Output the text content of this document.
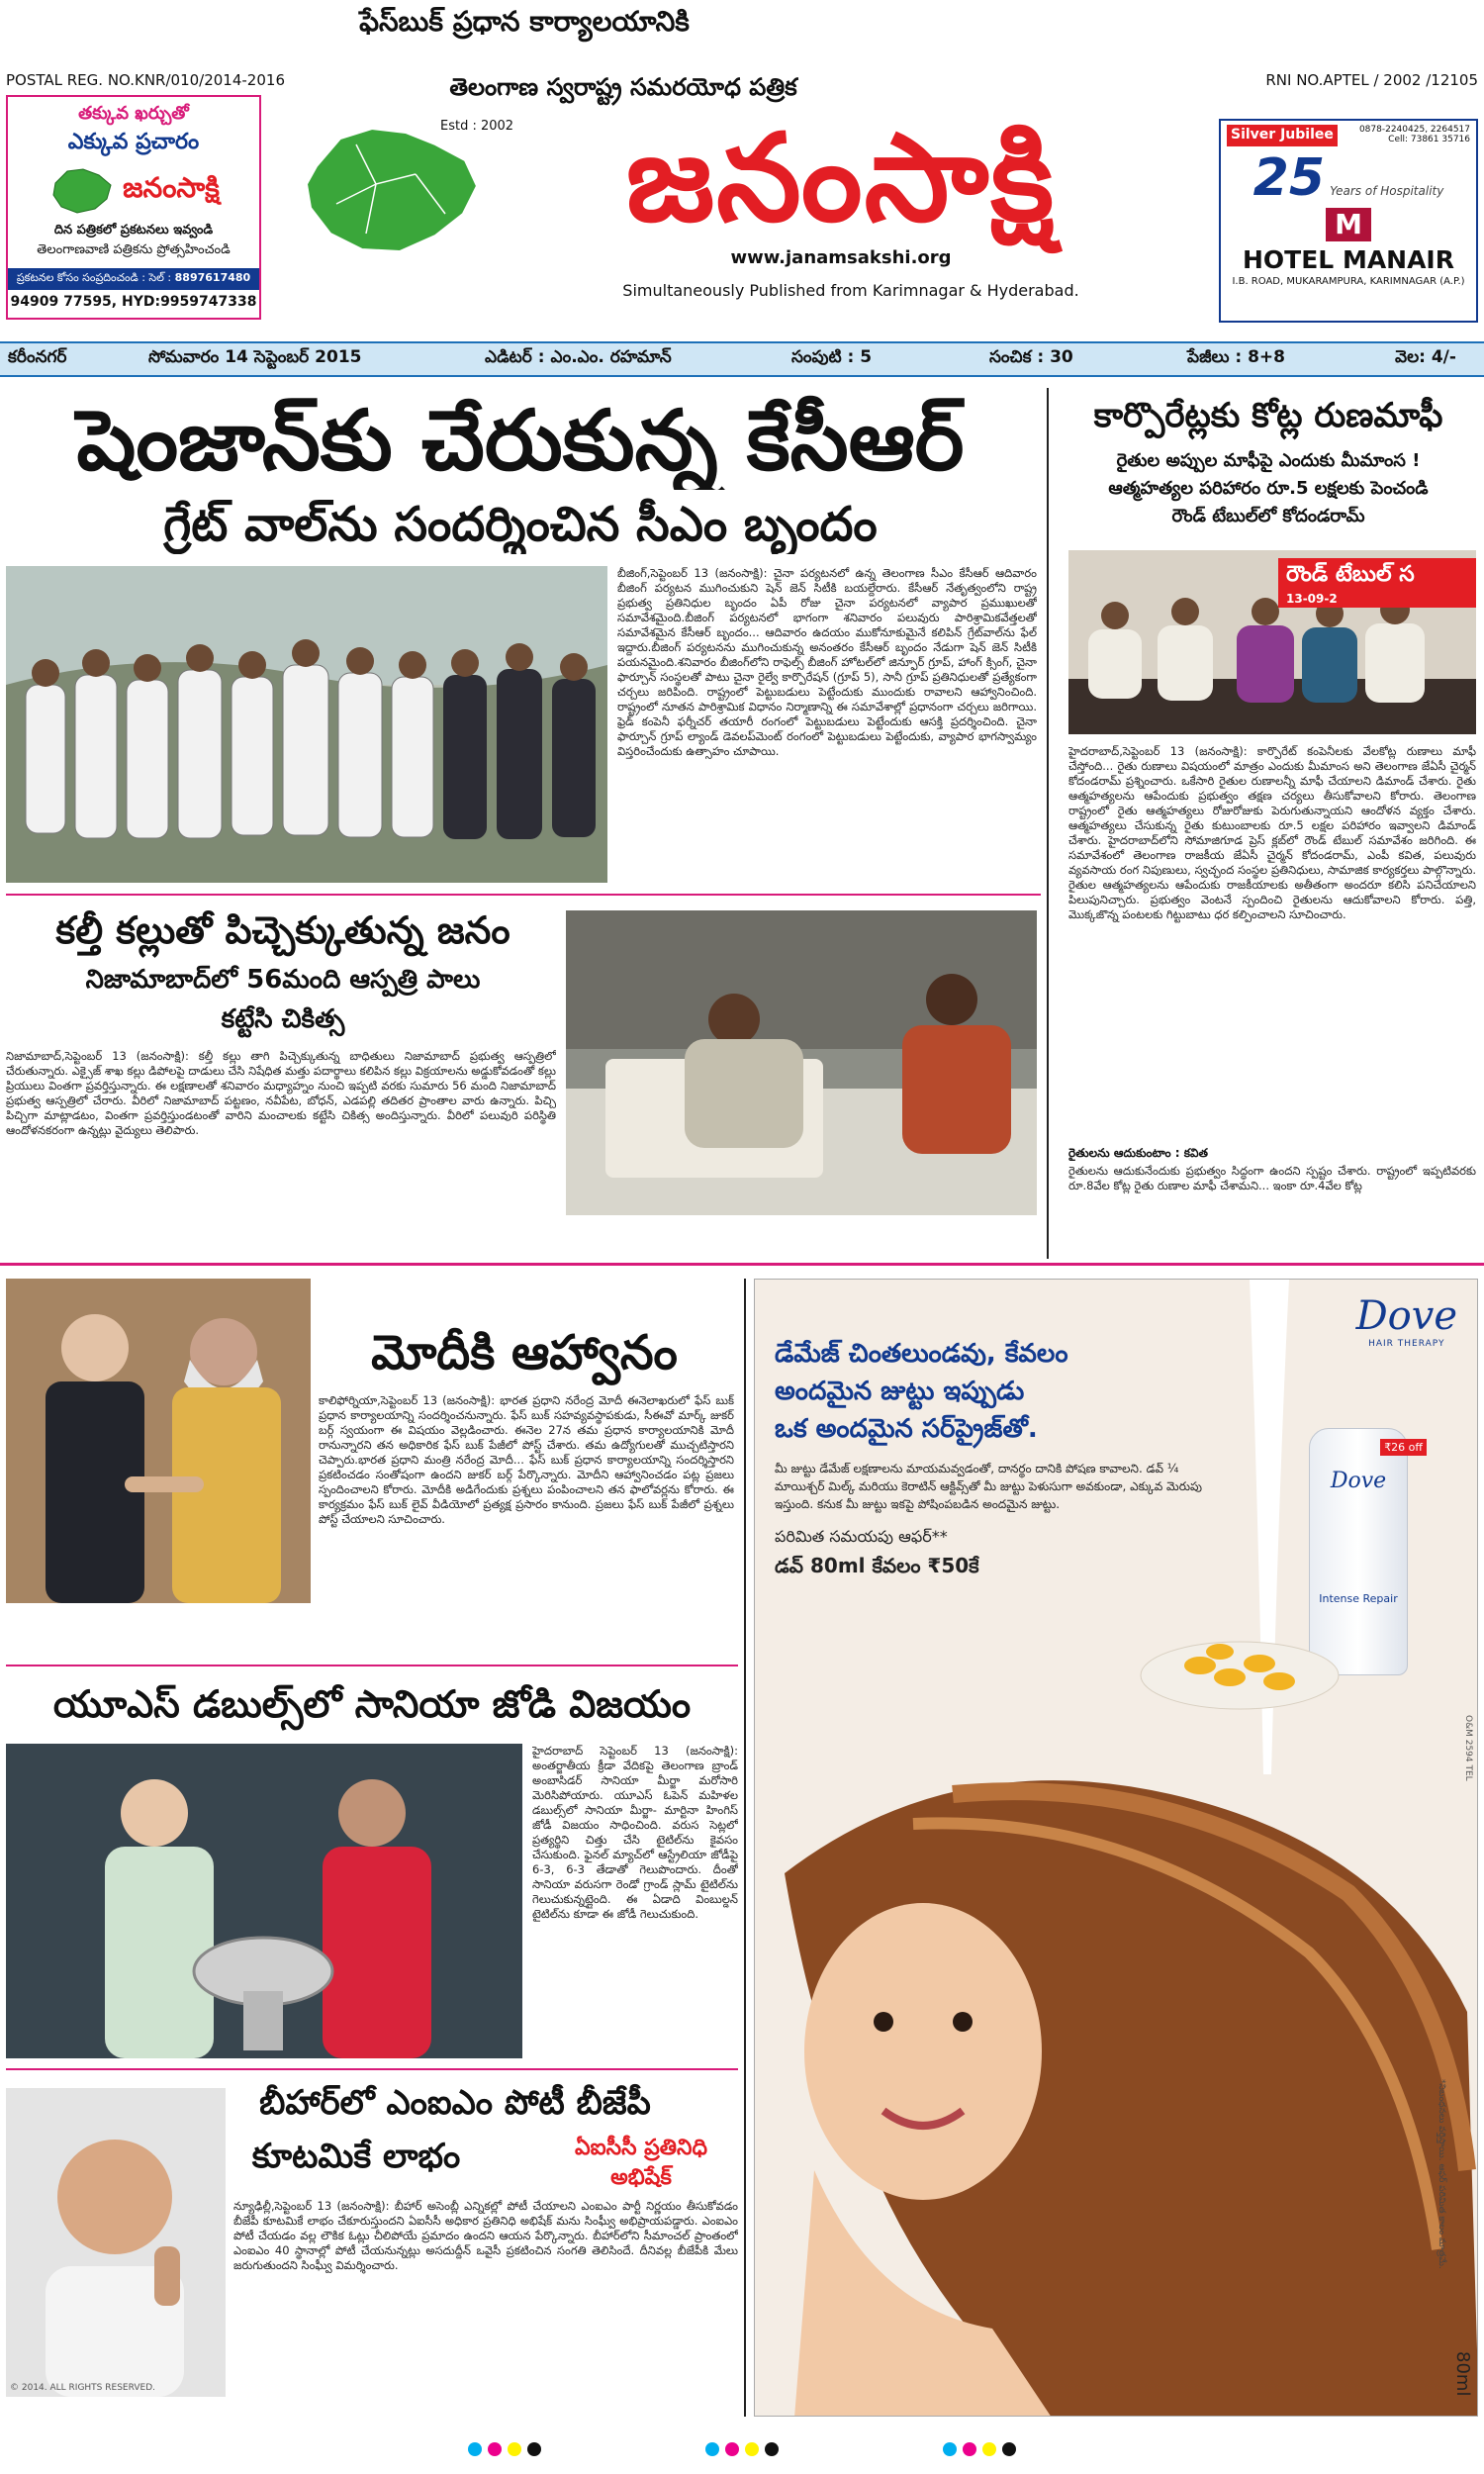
POSTAL REG. NO.KNR/010/2014-2016	RNI NO.APTEL / 2002 /12105
తక్కువ ఖర్చుతో
ఎక్కువ ప్రచారం
జనంసాక్షి
దిన పత్రికలో ప్రకటనలు ఇవ్వండి
తెలంగాణవాణి పత్రికను ప్రోత్సహించండి
ప్రకటనల కోసం సంప్రదించండి : సెల్ : 8897617480
94909 77595, HYD:9959747338
తెలంగాణ స్వరాష్ట్ర సమరయోధ పత్రిక
Estd : 2002 జనంసాక్షి
www.janamsakshi.org
Simultaneously Published from Karimnagar & Hyderabad.
Silver Jubilee	0878-2240425, 2264517
Cell: 73861 35716
25 Years of Hospitality
M
HOTEL MANAIR
I.B. ROAD, MUKARAMPURA, KARIMNAGAR (A.P.)
కరీంనగర్	సోమవారం 14 సెప్టెంబర్ 2015	ఎడిటర్ : ఎం.ఎం. రహమాన్	సంపుటి : 5	సంచిక : 30	పేజీలు : 8+8	వెల: 4/-
షెంజాన్‌కు చేరుకున్న కేసీఆర్
గ్రేట్ వాల్‌ను సందర్శించిన సీఎం బృందం
బీజింగ్,సెప్టెంబర్ 13 (జనంసాక్షి): చైనా పర్యటనలో ఉన్న తెలంగాణ సీఎం కేసీఆర్ ఆదివారం బీజింగ్ పర్యటన ముగించుకుని షెన్ జెన్ సిటీకి బయల్దేరారు. కేసీఆర్ నేతృత్వంలోని రాష్ట్ర ప్రభుత్వ ప్రతినిధుల బృందం ఏపీ రోజు చైనా పర్యటనలో వ్యాపార ప్రముఖులతో సమావేశమైంది.బీజింగ్ పర్యటనలో భాగంగా శనివారం పలువురు పారిశ్రామికవేత్తలతో సమావేశమైన కేసీఆర్ బృందం... ఆదివారం ఉదయం ముకోనూకుమైనే కలిపిన్ గ్రేట్‌వాల్‌ను ఫేల్ ఇద్దారు.బీజింగ్ పర్యటనను ముగించుకున్న అనంతరం కేసీఆర్ బృందం నేడుగా షెన్ జెన్ సిటీకి పయనమైంది.శనివారం బీజింగ్‌లోని రాఫెల్స్ బీజింగ్ హోటల్‌లో జిన్ఫూర్ గ్రూప్, హాంగ్ క్సింగ్, చైనా ఫార్చూన్ సంస్థలతో పాటు చైనా రైల్వే కార్పొరేషన్ (గ్రూప్ 5), సానీ గ్రూప్ ప్రతినిధులతో ప్రత్యేకంగా చర్చలు జరిపింది. రాష్ట్రంలో పెట్టుబడులు పెట్టేందుకు ముందుకు రావాలని ఆహ్వానించింది. రాష్ట్రంలో నూతన పారిశ్రామిక విధానం నిర్మాణాన్ని ఈ సమావేశాల్లో ప్రధానంగా చర్చలు జరిగాయి. ఫ్రెడ్ కంపెనీ ఫర్నీచర్ తయారీ రంగంలో పెట్టుబడులు పెట్టేందుకు ఆసక్తి ప్రదర్శించింది. చైనా ఫార్చూన్ గ్రూప్ ల్యాండ్ డెవలప్‌మెంట్ రంగంలో పెట్టుబడులు పెట్టేందుకు, వ్యాపార భాగస్వామ్యం విస్తరించేందుకు ఉత్సాహం చూపాయి.
కార్పొరేట్లకు కోట్ల రుణమాఫీ
రైతుల అప్పుల మాఫీపై ఎందుకు మీమాంస !
ఆత్మహత్యల పరిహారం రూ.5 లక్షలకు పెంచండి
రౌండ్ టేబుల్‌లో కోదండరామ్
రౌండ్ టేబుల్ స
13-09-2
హైదరాబాద్,సెప్టెంబర్ 13 (జనంసాక్షి): కార్పొరేట్ కంపెనీలకు వేలకోట్ల రుణాలు మాఫీ చేస్తోంది... రైతు రుణాలు విషయంలో మాత్రం ఎందుకు మీమాంస అని తెలంగాణ జేఏసీ చైర్మన్ కోదండరామ్ ప్రశ్నించారు. ఒకేసారి రైతుల రుణాలన్నీ మాఫీ చేయాలని డిమాండ్ చేశారు. రైతు ఆత్మహత్యలను ఆపేందుకు ప్రభుత్వం తక్షణ చర్యలు తీసుకోవాలని కోరారు. తెలంగాణ రాష్ట్రంలో రైతు ఆత్మహత్యలు రోజురోజుకు పెరుగుతున్నాయని ఆందోళన వ్యక్తం చేశారు. ఆత్మహత్యలు చేసుకున్న రైతు కుటుంబాలకు రూ.5 లక్షల పరిహారం ఇవ్వాలని డిమాండ్ చేశారు. హైదరాబాద్‌లోని సోమాజిగూడ ప్రెస్ క్లబ్‌లో రౌండ్ టేబుల్ సమావేశం జరిగింది. ఈ సమావేశంలో తెలంగాణ రాజకీయ జేఏసీ చైర్మన్ కోదండరామ్, ఎంపీ కవిత, పలువురు వ్యవసాయ రంగ నిపుణులు, స్వచ్ఛంద సంస్థల ప్రతినిధులు, సామాజిక కార్యకర్తలు పాల్గొన్నారు. రైతుల ఆత్మహత్యలను ఆపేందుకు రాజకీయాలకు అతీతంగా అందరూ కలిసి పనిచేయాలని పిలుపునిచ్చారు. ప్రభుత్వం వెంటనే స్పందించి రైతులను ఆదుకోవాలని కోరారు. పత్తి, మొక్కజొన్న పంటలకు గిట్టుబాటు ధర కల్పించాలని సూచించారు.
రైతులను ఆదుకుంటాం : కవిత
రైతులను ఆదుకునేందుకు ప్రభుత్వం సిద్ధంగా ఉందని స్పష్టం చేశారు. రాష్ట్రంలో ఇప్పటివరకు రూ.8వేల కోట్ల రైతు రుణాల మాఫీ చేశామని... ఇంకా రూ.4వేల కోట్ల
కల్తీ కల్లుతో పిచ్చెక్కుతున్న జనం
నిజామాబాద్‌లో 56మంది ఆస్పత్రి పాలు
కట్టేసి చికిత్స
నిజామాబాద్,సెప్టెంబర్ 13 (జనంసాక్షి): కల్తీ కల్లు తాగి పిచ్చెక్కుతున్న బాధితులు నిజామాబాద్ ప్రభుత్వ ఆస్పత్రిలో చేరుతున్నారు. ఎక్సైజ్ శాఖ కల్లు డిపోలపై దాడులు చేసి నిషేధిత మత్తు పదార్థాలు కలిపిన కల్లు విక్రయాలను అడ్డుకోవడంతో కల్లు ప్రియులు వింతగా ప్రవర్తిస్తున్నారు. ఈ లక్షణాలతో శనివారం మధ్యాహ్నం నుంచి ఇప్పటి వరకు సుమారు 56 మంది నిజామాబాద్ ప్రభుత్వ ఆస్పత్రిలో చేరారు. వీరిలో నిజామాబాద్ పట్టణం, నవీపేట, బోధన్, ఎడపల్లి తదితర ప్రాంతాల వారు ఉన్నారు. పిచ్చి పిచ్చిగా మాట్లాడటం, వింతగా ప్రవర్తిస్తుండటంతో వారిని మంచాలకు కట్టేసి చికిత్స అందిస్తున్నారు. వీరిలో పలువురి పరిస్థితి ఆందోళనకరంగా ఉన్నట్లు వైద్యులు తెలిపారు.
ఫేస్‌బుక్ ప్రధాన కార్యాలయానికి
మోదీకి ఆహ్వానం
కాలిఫోర్నియా,సెప్టెంబర్ 13 (జనంసాక్షి): భారత ప్రధాని నరేంద్ర మోదీ ఈనెలాఖరులో ఫేస్ బుక్ ప్రధాన కార్యాలయాన్ని సందర్శించనున్నారు. ఫేస్ బుక్ సహవ్యవస్థాపకుడు, సీఈవో మార్క్ జుకర్ బర్గ్ స్వయంగా ఈ విషయం వెల్లడించారు. ఈనెల 27న తమ ప్రధాన కార్యాలయానికి మోదీ రానున్నారని తన అధికారిక ఫేస్ బుక్ పేజీలో పోస్ట్ చేశారు. తమ ఉద్యోగులతో ముచ్చటిస్తారని చెప్పారు.భారత ప్రధాని మంత్రి నరేంద్ర మోదీ... ఫేస్ బుక్ ప్రధాన కార్యాలయాన్ని సందర్శిస్తారని ప్రకటించడం సంతోషంగా ఉందని జుకర్ బర్గ్ పేర్కొన్నారు. మోదీని ఆహ్వానించడం పట్ల ప్రజలు స్పందించాలని కోరారు. మోదీకి అడిగేందుకు ప్రశ్నలు పంపించాలని తన ఫాలోవర్లను కోరారు. ఈ కార్యక్రమం ఫేస్ బుక్ లైవ్ వీడియోలో ప్రత్యక్ష ప్రసారం కానుంది. ప్రజలు ఫేస్ బుక్ పేజీలో ప్రశ్నలు పోస్ట్ చేయాలని సూచించారు.
యూఎస్ డబుల్స్‌లో సానియా జోడి విజయం
హైదరాబాద్ సెప్టెంబర్ 13 (జనంసాక్షి): అంతర్జాతీయ క్రీడా వేదికపై తెలంగాణ బ్రాండ్ అంబాసిడర్ సానియా మీర్జా మరోసారి మెరిసిపోయారు. యూఎస్ ఓపెన్ మహిళల డబుల్స్‌లో సానియా మీర్జా- మార్టినా హింగిస్ జోడీ విజయం సాధించింది. వరుస సెట్లలో ప్రత్యర్థిని చిత్తు చేసి టైటిల్‌ను కైవసం చేసుకుంది. ఫైనల్ మ్యాచ్‌లో ఆస్ట్రేలియా జోడీపై 6-3, 6-3 తేడాతో గెలుపొందారు. దీంతో సానియా వరుసగా రెండో గ్రాండ్ స్లామ్ టైటిల్‌ను గెలుచుకున్నట్లైంది. ఈ ఏడాది వింబుల్డన్ టైటిల్‌ను కూడా ఈ జోడీ గెలుచుకుంది.
బీహార్‌లో ఎంఐఎం పోటీ బీజేపీ
కూటమికే లాభం	ఏఐసీసీ ప్రతినిధి
అభిషేక్
© 2014. ALL RIGHTS RESERVED.
న్యూఢిల్లీ,సెప్టెంబర్ 13 (జనంసాక్షి): బీహార్ అసెంబ్లీ ఎన్నికల్లో పోటీ చేయాలని ఎంఐఎం పార్టీ నిర్ణయం తీసుకోవడం బీజేపీ కూటమికే లాభం చేకూరుస్తుందని ఏఐసీసీ అధికార ప్రతినిధి అభిషేక్ మను సింఘ్వీ అభిప్రాయపడ్డారు. ఎంఐఎం పోటీ చేయడం వల్ల లౌకిక ఓట్లు చీలిపోయే ప్రమాదం ఉందని ఆయన పేర్కొన్నారు. బీహార్‌లోని సీమాంచల్ ప్రాంతంలో ఎంఐఎం 40 స్థానాల్లో పోటీ చేయనున్నట్లు అసదుద్దీన్ ఒవైసీ ప్రకటించిన సంగతి తెలిసిందే. దీనివల్ల బీజేపీకి మేలు జరుగుతుందని సింఘ్వీ విమర్శించారు.
Dove
HAIR THERAPY
డేమేజ్ చింతలుండవు, కేవలం
అందమైన జుట్టు ఇప్పుడు
ఒక అందమైన సర్‌ప్రైజ్‌తో.
మీ జుట్టు డేమేజ్ లక్షణాలను మాయమవ్వడంతో, దానర్థం దానికి పోషణ కావాలని. డవ్ ¼ మాయిశ్చర్ మిల్క్ మరియు కెరాటిన్ ఆక్టివ్స్‌తో మీ జుట్టు పెళుసుగా అవకుండా, ఎక్కువ మెరుపు ఇస్తుంది. కనుక మీ జుట్టు ఇకపై పోషింపబడిన అందమైన జుట్టు.
పరిమిత సమయపు ఆఫర్**
డవ్ 80ml కేవలం ₹50కే
₹26 off
Dove
Intense Repair
O&M 2594 TEL
80ml
*నిబంధనలు వర్తిస్తాయి. ఆఫర్ పరిమిత కాలం మాత్రమే.
